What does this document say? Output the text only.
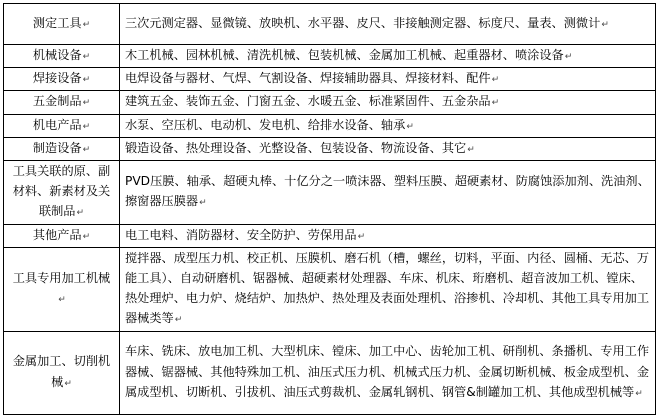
测定工具↵	三次元测定器、显微镜、放映机、水平器、皮尺、非接触测定器、标度尺、量表、测微计↵
机械设备↵	木工机械、园林机械、清洗机械、包装机械、金属加工机械、起重器材、喷涂设备↵
焊接设备↵	电焊设备与器材、气焊、气割设备、焊接辅助器具、焊接材料、配件↵
五金制品↵	建筑五金、装饰五金、门窗五金、水暖五金、标准紧固件、五金杂品↵
机电产品↵	水泵、空压机、电动机、发电机、给排水设备、轴承↵
制造设备↵	锻造设备、热处理设备、光整设备、包装设备、物流设备、其它↵
工具关联的原、副材料、新素材及关联制品↵	PVD压膜、轴承、超硬丸棒、十亿分之一喷沫器、塑料压膜、超硬素材、防腐蚀添加剂、洗油剂、擦窗器压膜器↵
其他产品↵	电工电料、消防器材、安全防护、劳保用品↵
工具专用加工机械↵	搅拌器、成型压力机、校正机、压膜机、磨石机（槽，螺丝，切料，平面、内径、圆桶、无芯、万能工具）、自动研磨机、锯器械、超硬素材处理器、车床、机床、珩磨机、超音波加工机、镗床、热处理炉、电力炉、烧结炉、加热炉、热处理及表面处理机、浴掺机、冷却机、其他工具专用加工器械类等↵
金属加工、切削机械↵	车床、铣床、放电加工机、大型机床、镗床、加工中心、齿轮加工机、研削机、条播机、专用工作器械、锯器械、其他特殊加工机、油压式压力机、机械式压力机、金属切断机械、板金成型机、金属成型机、切断机、引拔机、油压式剪裁机、金属轧钢机、钢管&制罐加工机、其他成型机械等↵
